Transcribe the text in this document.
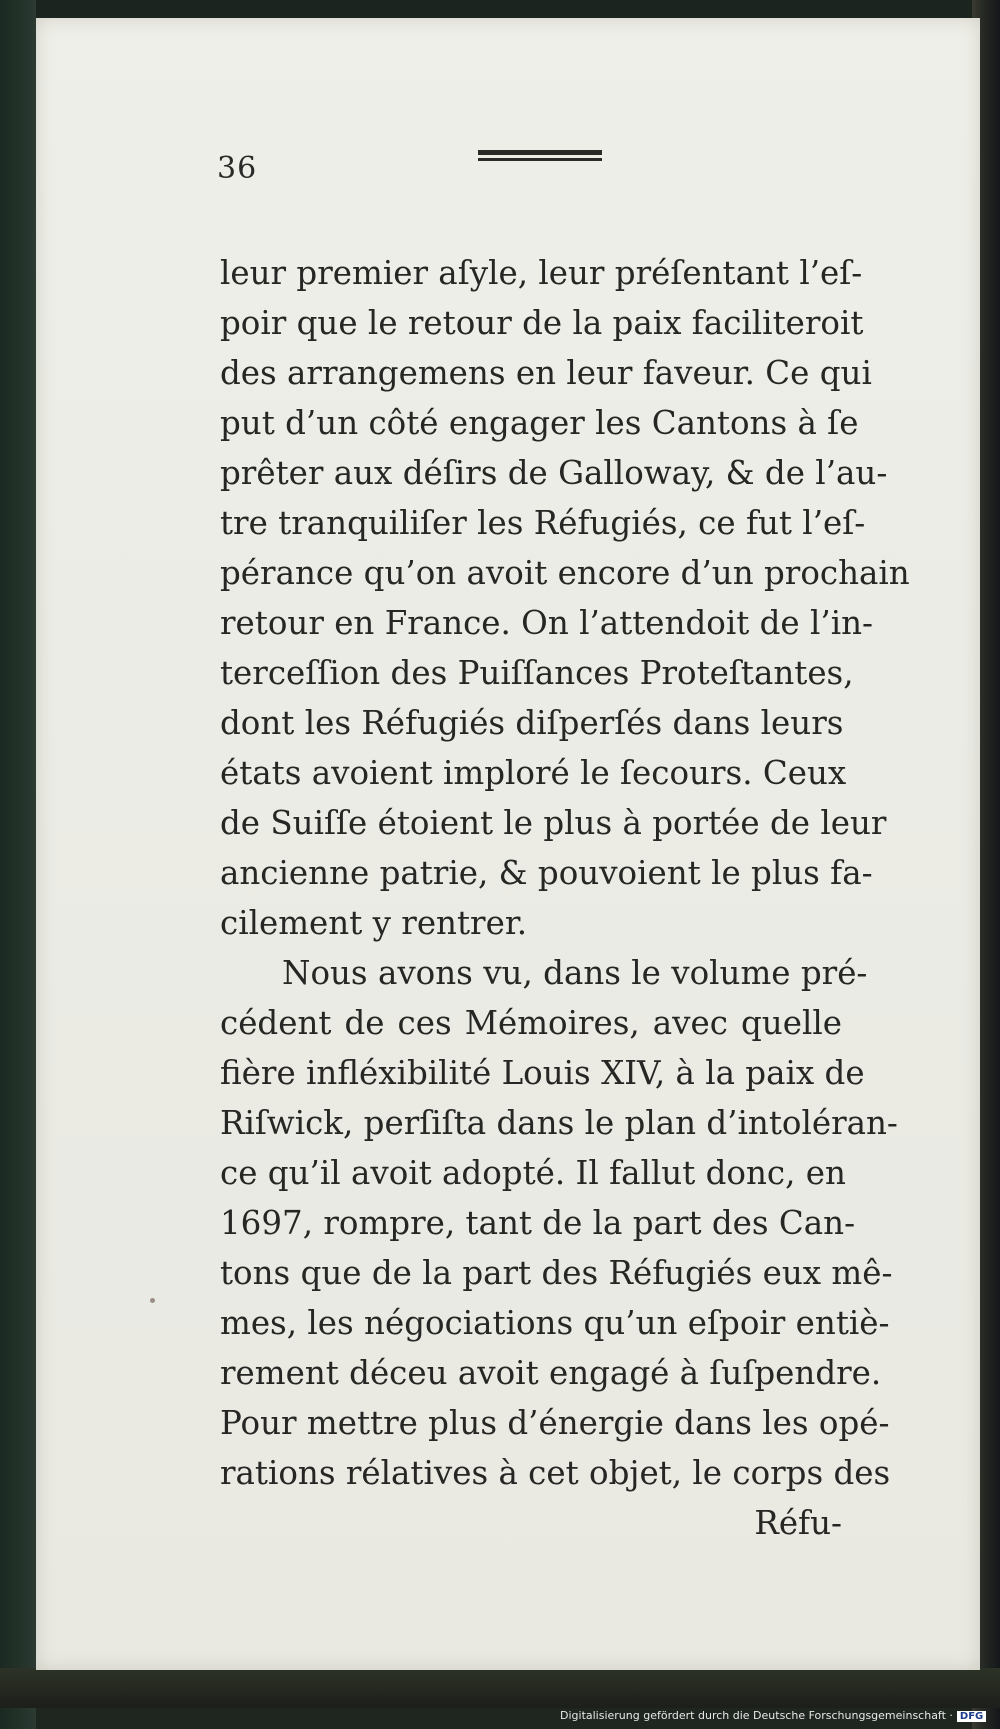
36
leur premier aſyle, leur préſentant l’eſ-
poir que le retour de la paix faciliteroit
des arrangemens en leur faveur. Ce qui
put d’un côté engager les Cantons à ſe
prêter aux déſirs de Galloway, & de l’au-
tre tranquiliſer les Réfugiés, ce fut l’eſ-
pérance qu’on avoit encore d’un prochain
retour en France. On l’attendoit de l’in-
terceſſion des Puiſſances Proteſtantes,
dont les Réfugiés diſperſés dans leurs
états avoient imploré le ſecours. Ceux
de Suiſſe étoient le plus à portée de leur
ancienne patrie, & pouvoient le plus fa-
cilement y rentrer.
Nous avons vu, dans le volume pré-
cédent de ces Mémoires, avec quelle
fière infléxibilité Louis XIV, à la paix de
Riſwick, perſiſta dans le plan d’intoléran-
ce qu’il avoit adopté. Il fallut donc, en
1697, rompre, tant de la part des Can-
tons que de la part des Réfugiés eux mê-
mes, les négociations qu’un eſpoir entiè-
rement déceu avoit engagé à ſuſpendre.
Pour mettre plus d’énergie dans les opé-
rations rélatives à cet objet, le corps des
Réfu-
Digitalisierung gefördert durch die Deutsche Forschungsgemeinschaft · DFG
